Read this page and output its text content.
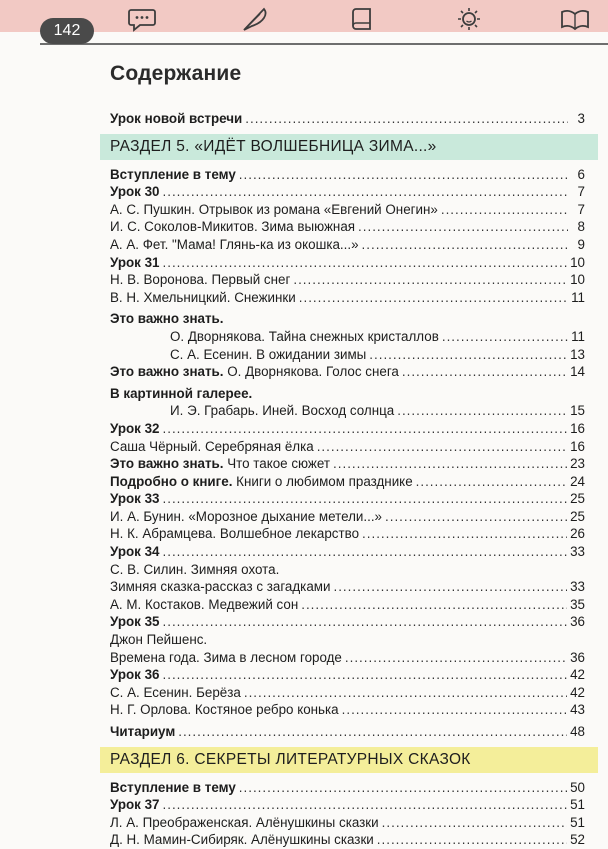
142
Содержание
Урок новой встречи .....	3
РАЗДЕЛ 5. «ИДЁТ ВОЛШЕБНИЦА ЗИМА...»
Вступление в тему .....	6
Урок 30 .....	7
А. С. Пушкин. Отрывок из романа «Евгений Онегин» .....	7
И. С. Соколов-Микитов. Зима выюжная .....	8
А. А. Фет. "Мама! Глянь-ка из окошка...» .....	9
Урок 31 .....	10
Н. В. Воронова. Первый снег .....	10
В. Н. Хмельницкий. Снежинки .....	11
Это важно знать.
О. Дворнякова. Тайна снежных кристаллов .....	11
С. А. Есенин. В ожидании зимы .....	13
Это важно знать. О. Дворнякова. Голос снега .....	14
В картинной галерее.
И. Э. Грабарь. Иней. Восход солнца .....	15
Урок 32 .....	16
Саша Чёрный. Серебряная ёлка .....	16
Это важно знать. Что такое сюжет .....	23
Подробно о книге. Книги о любимом празднике .....	24
Урок 33 .....	25
И. А. Бунин. «Морозное дыхание метели...» .....	25
Н. К. Абрамцева. Волшебное лекарство .....	26
Урок 34 .....	33
С. В. Силин. Зимняя охота.
Зимняя сказка-рассказ с загадками .....	33
А. М. Костаков. Медвежий сон .....	35
Урок 35 .....	36
Джон Пейшенс.
Времена года. Зима в лесном городе .....	36
Урок 36 .....	42
С. А. Есенин. Берёза .....	42
Н. Г. Орлова. Костяное ребро конька .....	43
Читариум .....	48
РАЗДЕЛ 6. СЕКРЕТЫ ЛИТЕРАТУРНЫХ СКАЗОК
Вступление в тему .....	50
Урок 37 .....	51
Л. А. Преображенская. Алёнушкины сказки .....	51
Д. Н. Мамин-Сибиряк. Алёнушкины сказки .....	52
